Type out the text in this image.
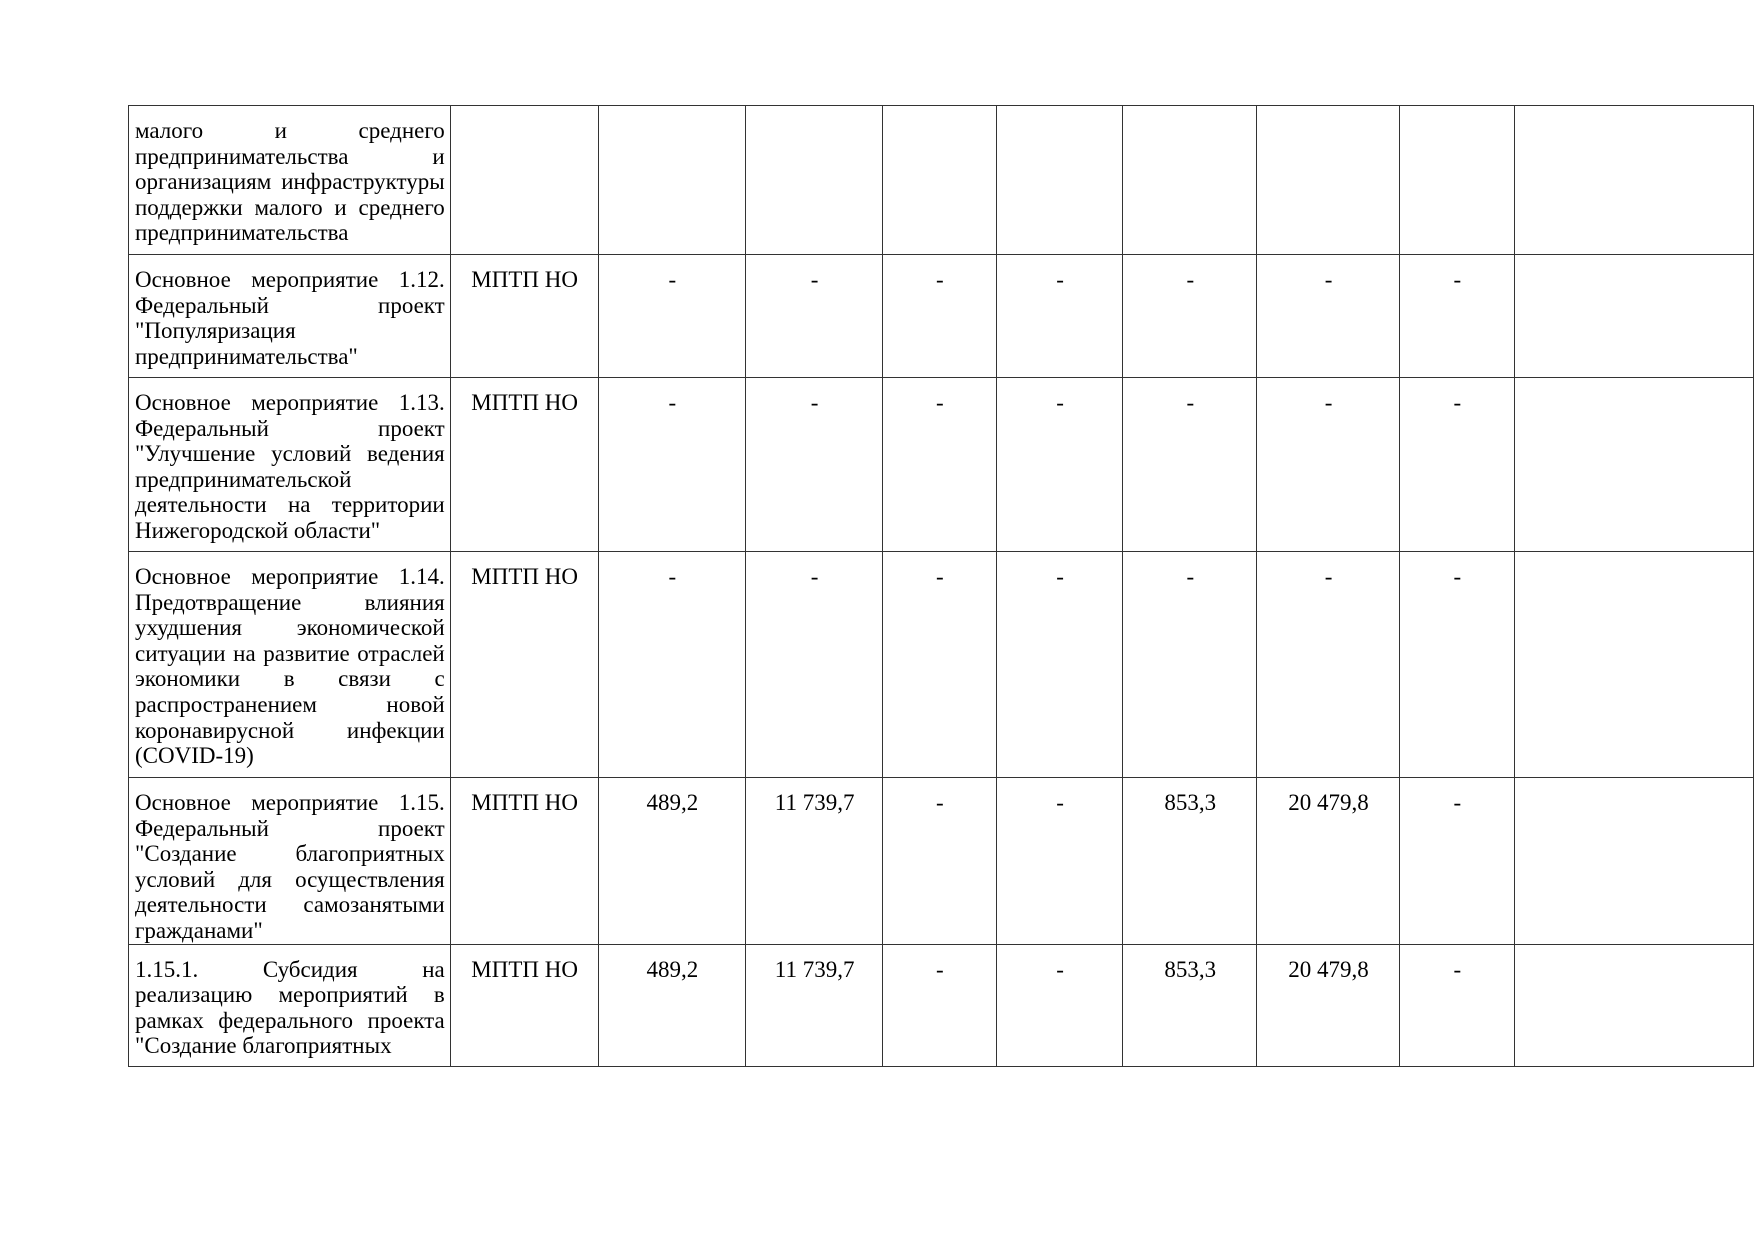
малого и среднего предпринимательства и организациям инфраструктуры поддержки малого и среднего предпринимательства									
Основное мероприятие 1.12. Федеральный проект "Популяризация предпринимательства"	МПТП НО	-	-	-	-	-	-	-	
Основное мероприятие 1.13. Федеральный проект "Улучшение условий ведения предпринимательской деятельности на территории Нижегородской области"	МПТП НО	-	-	-	-	-	-	-	
Основное мероприятие 1.14. Предотвращение влияния ухудшения экономической ситуации на развитие отраслей экономики в связи с распространением новой коронавирусной инфекции (COVID-19)	МПТП НО	-	-	-	-	-	-	-	
Основное мероприятие 1.15. Федеральный проект "Создание благоприятных условий для осуществления деятельности самозанятыми гражданами"	МПТП НО	489,2	11 739,7	-	-	853,3	20 479,8	-	
1.15.1. Субсидия на реализацию мероприятий в рамках федерального проекта "Создание благоприятных	МПТП НО	489,2	11 739,7	-	-	853,3	20 479,8	-	
